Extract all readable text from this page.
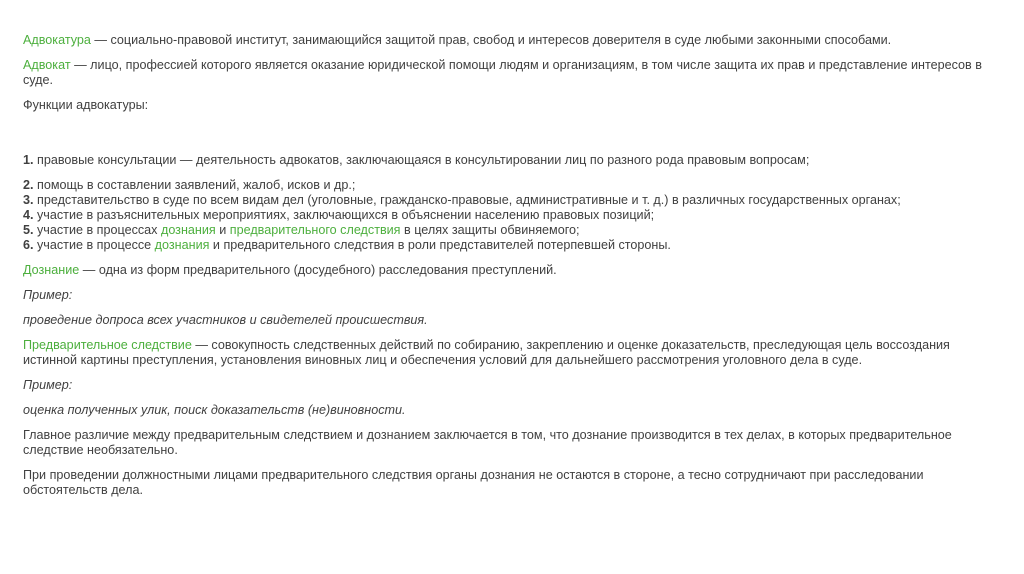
Адвокатура — социально-правовой институт, занимающийся защитой прав, свобод и интересов доверителя в суде любыми законными способами.

Адвокат — лицо, профессией которого является оказание юридической помощи людям и организациям, в том числе защита их прав и представление интересов в суде.

Функции адвокатуры:

1. правовые консультации — деятельность адвокатов, заключающаяся в консультировании лиц по разного рода правовым вопросам;

2. помощь в составлении заявлений, жалоб, исков и др.;

3. представительство в суде по всем видам дел (уголовные, гражданско-правовые, административные и т. д.) в различных государственных органах;

4. участие в разъяснительных мероприятиях, заключающихся в объяснении населению правовых позиций;

5. участие в процессах дознания и предварительного следствия в целях защиты обвиняемого;

6. участие в процессе дознания и предварительного следствия в роли представителей потерпевшей стороны.

Дознание — одна из форм предварительного (досудебного) расследования преступлений.

Пример:

проведение допроса всех участников и свидетелей происшествия.

Предварительное следствие — совокупность следственных действий по собиранию, закреплению и оценке доказательств, преследующая цель воссоздания истинной картины преступления, установления виновных лиц и обеспечения условий для дальнейшего рассмотрения уголовного дела в суде.

Пример:

оценка полученных улик, поиск доказательств (не)виновности.

Главное различие между предварительным следствием и дознанием заключается в том, что дознание производится в тех делах, в которых предварительное следствие необязательно.

При проведении должностными лицами предварительного следствия органы дознания не остаются в стороне, а тесно сотрудничают при расследовании обстоятельств дела.
